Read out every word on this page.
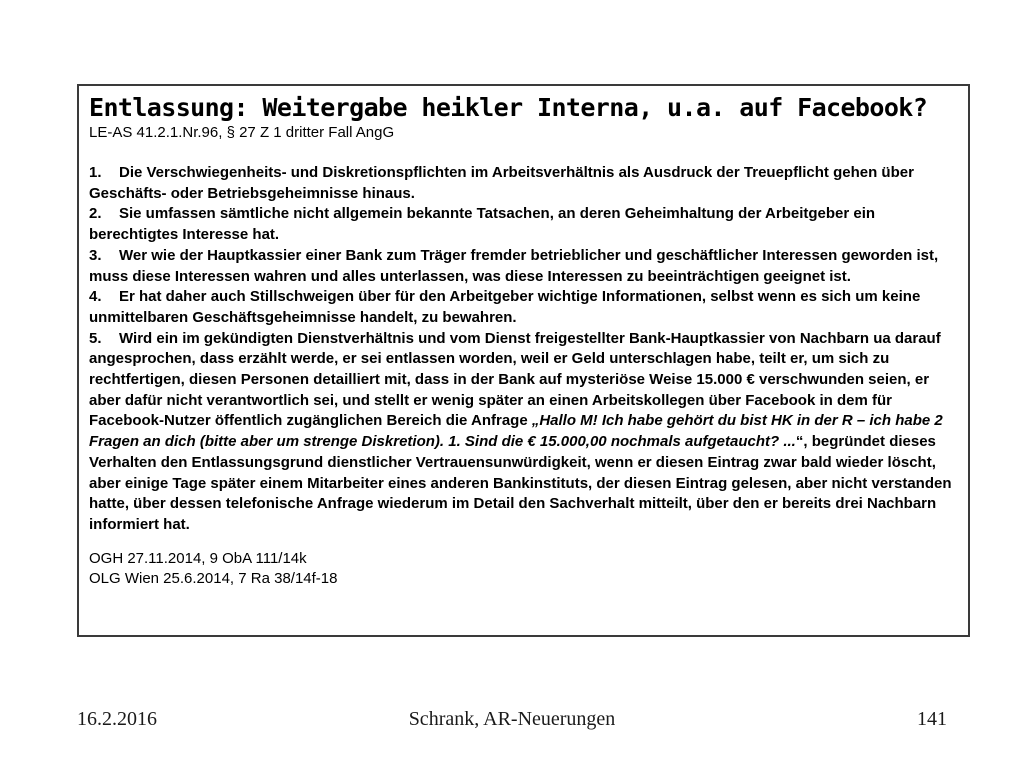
Entlassung: Weitergabe heikler Interna, u.a. auf Facebook?

LE-AS 41.2.1.Nr.96, § 27 Z 1 dritter Fall AngG

1. Die Verschwiegenheits- und Diskretionspflichten im Arbeitsverhältnis als Ausdruck der Treuepflicht gehen über Geschäfts- oder Betriebsgeheimnisse hinaus.

2. Sie umfassen sämtliche nicht allgemein bekannte Tatsachen, an deren Geheimhaltung der Arbeitgeber ein berechtigtes Interesse hat.

3. Wer wie der Hauptkassier einer Bank zum Träger fremder betrieblicher und geschäftlicher Interessen geworden ist, muss diese Interessen wahren und alles unterlassen, was diese Interessen zu beeinträchtigen geeignet ist.

4. Er hat daher auch Stillschweigen über für den Arbeitgeber wichtige Informationen, selbst wenn es sich um keine unmittelbaren Geschäftsgeheimnisse handelt, zu bewahren.

5. Wird ein im gekündigten Dienstverhältnis und vom Dienst freigestellter Bank-Hauptkassier von Nachbarn ua darauf angesprochen, dass erzählt werde, er sei entlassen worden, weil er Geld unterschlagen habe, teilt er, um sich zu rechtfertigen, diesen Personen detailliert mit, dass in der Bank auf mysteriöse Weise 15.000 € verschwunden seien, er aber dafür nicht verantwortlich sei, und stellt er wenig später an einen Arbeitskollegen über Facebook in dem für Facebook-Nutzer öffentlich zugänglichen Bereich die Anfrage „Hallo M! Ich habe gehört du bist HK in der R – ich habe 2 Fragen an dich (bitte aber um strenge Diskretion). 1. Sind die € 15.000,00 nochmals aufgetaucht? ...“, begründet dieses Verhalten den Entlassungsgrund dienstlicher Vertrauensunwürdigkeit, wenn er diesen Eintrag zwar bald wieder löscht, aber einige Tage später einem Mitarbeiter eines anderen Bankinstituts, der diesen Eintrag gelesen, aber nicht verstanden hatte, über dessen telefonische Anfrage wiederum im Detail den Sachverhalt mitteilt, über den er bereits drei Nachbarn informiert hat.

OGH 27.11.2014, 9 ObA 111/14k

OLG Wien 25.6.2014, 7 Ra 38/14f-18

Schrank, AR-Neuerungen
16.2.2016	141
